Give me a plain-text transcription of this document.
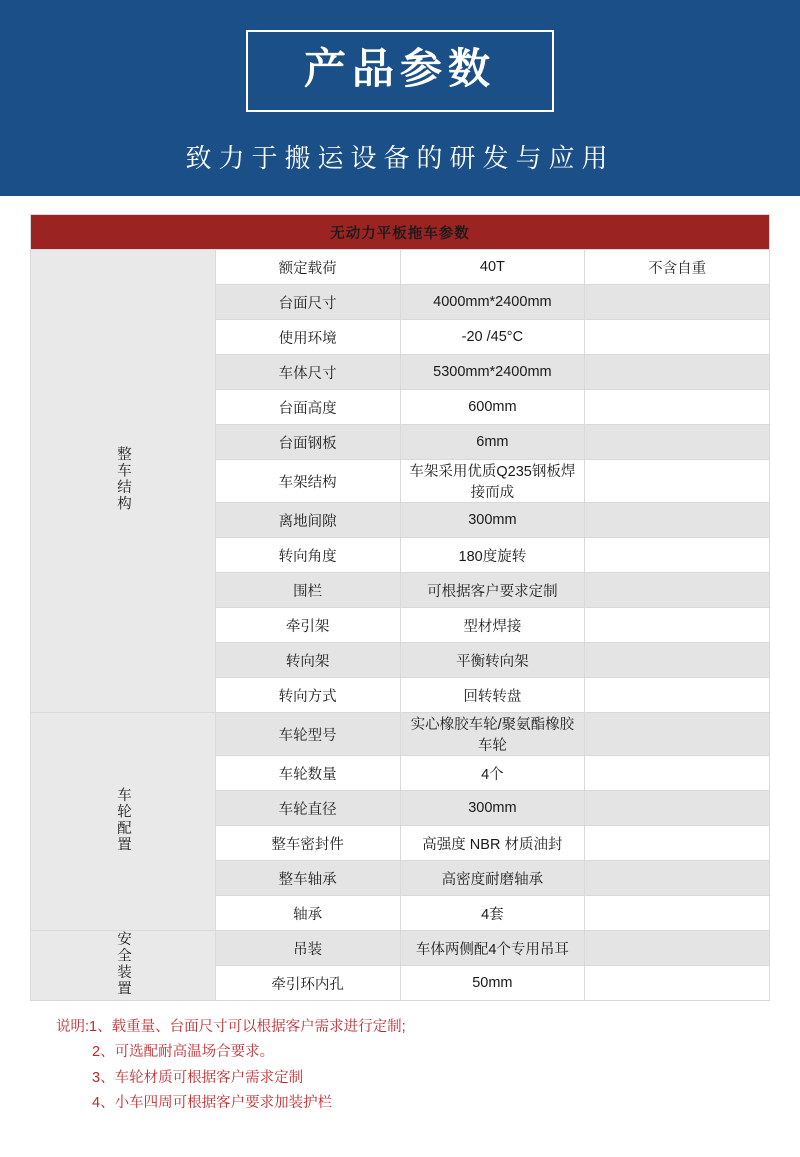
产品参数
致力于搬运设备的研发与应用
无动力平板拖车参数			
整车结构	额定载荷	40T	不含自重
	台面尺寸	4000mm*2400mm	
	使用环境	-20 /45°C	
	车体尺寸	5300mm*2400mm	
	台面高度	600mm	
	台面钢板	6mm	
	车架结构	车架采用优质Q235钢板焊接而成	
	离地间隙	300mm	
	转向角度	180度旋转	
	围栏	可根据客户要求定制	
	牵引架	型材焊接	
	转向架	平衡转向架	
	转向方式	回转转盘	
车轮配置	车轮型号	实心橡胶车轮/聚氨酯橡胶车轮	
	车轮数量	4个	
	车轮直径	300mm	
	整车密封件	高强度 NBR 材质油封	
	整车轴承	高密度耐磨轴承	
	轴承	4套	
安全装置	吊装	车体两侧配4个专用吊耳	
	牵引环内孔	50mm	
说明:1、载重量、台面尺寸可以根据客户需求进行定制;
2、可选配耐高温场合要求。
3、车轮材质可根据客户需求定制
4、小车四周可根据客户要求加装护栏
